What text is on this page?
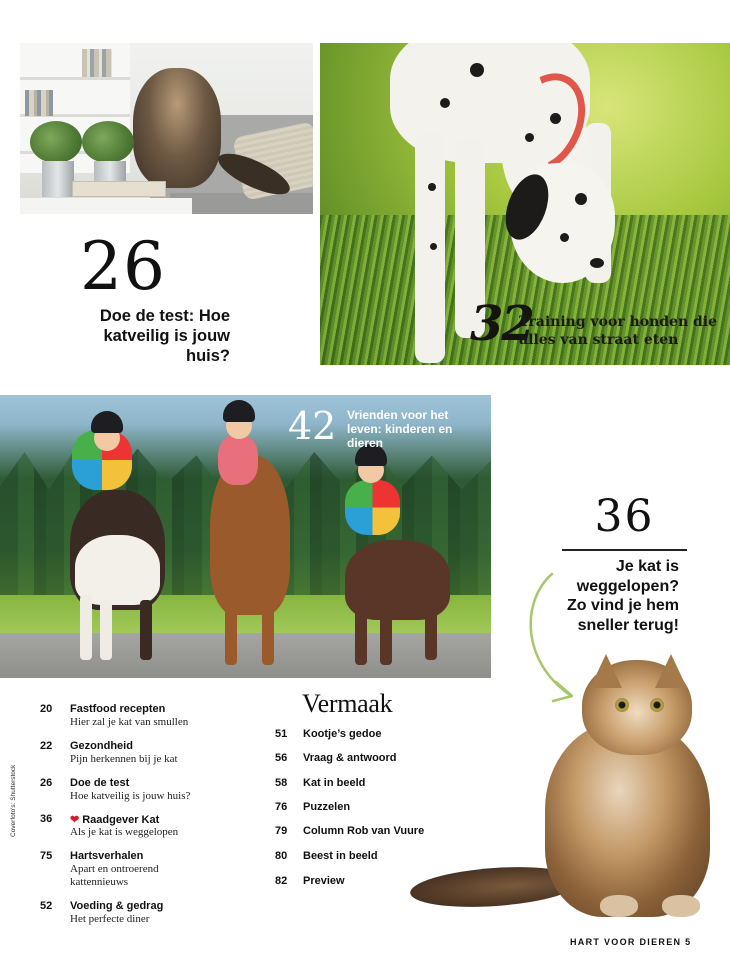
26
Doe de test: Hoe katveilig is jouw huis?
32
Training voor honden die alles van straat eten
42 Vrienden voor het leven: kinderen en dieren
36
Je kat is weggelopen? Zo vind je hem sneller terug!
20	Fastfood recepten
Hier zal je kat van smullen
22	Gezondheid
Pijn herkennen bij je kat
26	Doe de test
Hoe katveilig is jouw huis?
36	❤ Raadgever Kat
Als je kat is weggelopen
75	Hartsverhalen
Apart en ontroerend
kattennieuws
52	Voeding & gedrag
Het perfecte diner
Vermaak
51	Kootje’s gedoe
56	Vraag & antwoord
58	Kat in beeld
76	Puzzelen
79	Column Rob van Vuure
80	Beest in beeld
82	Preview
Coverfoto's: Shutterstock
HART VOOR DIEREN 5
